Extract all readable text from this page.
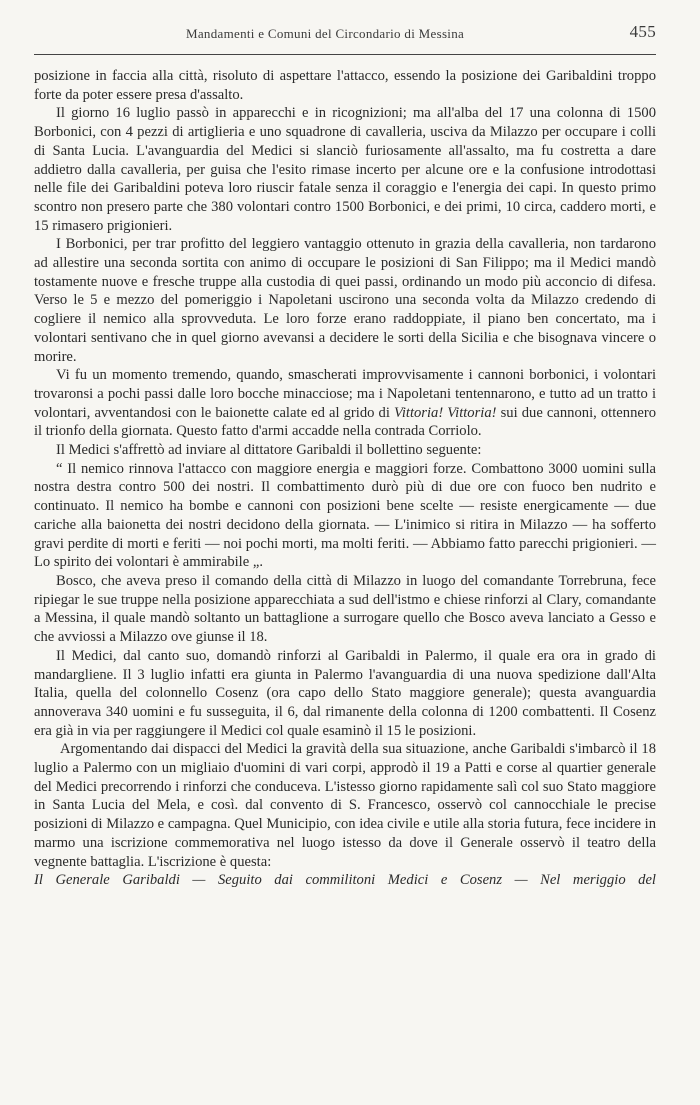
Mandamenti e Comuni del Circondario di Messina	455

posizione in faccia alla città, risoluto di aspettare l'attacco, essendo la posizione dei Garibaldini troppo forte da poter essere presa d'assalto.

Il giorno 16 luglio passò in apparecchi e in ricognizioni; ma all'alba del 17 una colonna di 1500 Borbonici, con 4 pezzi di artiglieria e uno squadrone di cavalleria, usciva da Milazzo per occupare i colli di Santa Lucia. L'avanguardia del Medici si slanciò furiosamente all'assalto, ma fu costretta a dare addietro dalla cavalleria, per guisa che l'esito rimase incerto per alcune ore e la confusione introdottasi nelle file dei Garibaldini poteva loro riuscir fatale senza il coraggio e l'energia dei capi. In questo primo scontro non presero parte che 380 volontari contro 1500 Borbonici, e dei primi, 10 circa, caddero morti, e 15 rimasero prigionieri.

I Borbonici, per trar profitto del leggiero vantaggio ottenuto in grazia della cavalleria, non tardarono ad allestire una seconda sortita con animo di occupare le posizioni di San Filippo; ma il Medici mandò tostamente nuove e fresche truppe alla custodia di quei passi, ordinando un modo più acconcio di difesa. Verso le 5 e mezzo del pomeriggio i Napoletani uscirono una seconda volta da Milazzo credendo di cogliere il nemico alla sprovveduta. Le loro forze erano raddoppiate, il piano ben concertato, ma i volontari sentivano che in quel giorno avevansi a decidere le sorti della Sicilia e che bisognava vincere o morire.

Vi fu un momento tremendo, quando, smascherati improvvisamente i cannoni borbonici, i volontari trovaronsi a pochi passi dalle loro bocche minacciose; ma i Napoletani tentennarono, e tutto ad un tratto i volontari, avventandosi con le baionette calate ed al grido di Vittoria! Vittoria! sui due cannoni, ottennero il trionfo della giornata. Questo fatto d'armi accadde nella contrada Corriolo.

Il Medici s'affrettò ad inviare al dittatore Garibaldi il bollettino seguente:

“ Il nemico rinnova l'attacco con maggiore energia e maggiori forze. Combattono 3000 uomini sulla nostra destra contro 500 dei nostri. Il combattimento durò più di due ore con fuoco ben nudrito e continuato. Il nemico ha bombe e cannoni con posizioni bene scelte — resiste energicamente — due cariche alla baionetta dei nostri decidono della giornata. — L'inimico si ritira in Milazzo — ha sofferto gravi perdite di morti e feriti — noi pochi morti, ma molti feriti. — Abbiamo fatto parecchi prigionieri. — Lo spirito dei volontari è ammirabile „.

Bosco, che aveva preso il comando della città di Milazzo in luogo del comandante Torrebruna, fece ripiegar le sue truppe nella posizione apparecchiata a sud dell'istmo e chiese rinforzi al Clary, comandante a Messina, il quale mandò soltanto un battaglione a surrogare quello che Bosco aveva lanciato a Gesso e che avviossi a Milazzo ove giunse il 18.

Il Medici, dal canto suo, domandò rinforzi al Garibaldi in Palermo, il quale era ora in grado di mandargliene. Il 3 luglio infatti era giunta in Palermo l'avanguardia di una nuova spedizione dall'Alta Italia, quella del colonnello Cosenz (ora capo dello Stato maggiore generale); questa avanguardia annoverava 340 uomini e fu susseguita, il 6, dal rimanente della colonna di 1200 combattenti. Il Cosenz era già in via per raggiungere il Medici col quale esaminò il 15 le posizioni.

Argomentando dai dispacci del Medici la gravità della sua situazione, anche Garibaldi s'imbarcò il 18 luglio a Palermo con un migliaio d'uomini di vari corpi, approdò il 19 a Patti e corse al quartier generale del Medici precorrendo i rinforzi che conduceva. L'istesso giorno rapidamente salì col suo Stato maggiore in Santa Lucia del Mela, e così. dal convento di S. Francesco, osservò col cannocchiale le precise posizioni di Milazzo e campagna. Quel Municipio, con idea civile e utile alla storia futura, fece incidere in marmo una iscrizione commemorativa nel luogo istesso da dove il Generale osservò il teatro della vegnente battaglia. L'iscrizione è questa:

Il Generale Garibaldi — Seguito dai commilitoni Medici e Cosenz — Nel meriggio del
